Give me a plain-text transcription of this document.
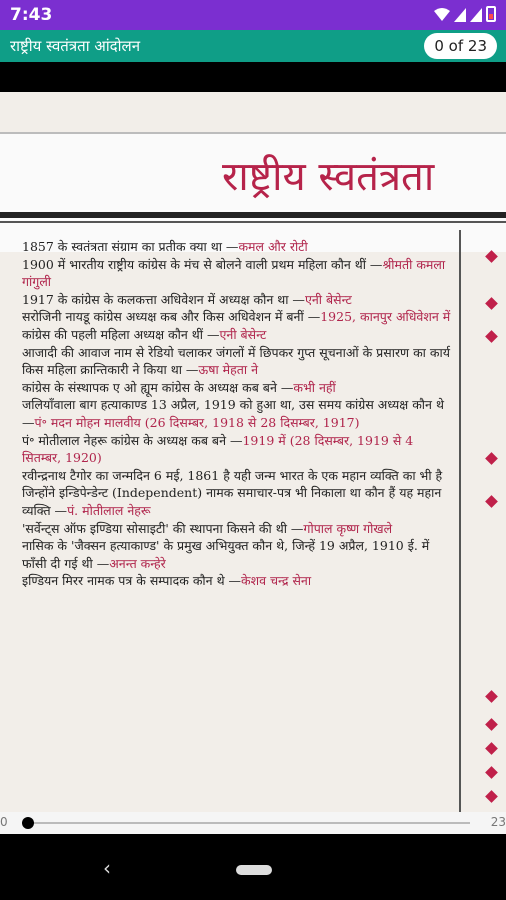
7:43
राष्ट्रीय स्वतंत्रता आंदोलन	0 of 23
राष्ट्रीय स्वतंत्रता

1857 के स्वतंत्रता संग्राम का प्रतीक क्या था —कमल और रोटी

1900 में भारतीय राष्ट्रीय कांग्रेस के मंच से बोलने वाली प्रथम महिला कौन थीं —श्रीमती कमला गांगुली

1917 के कांग्रेस के कलकत्ता अधिवेशन में अध्यक्ष कौन था —एनी बेसेन्ट

सरोजिनी नायडू कांग्रेस अध्यक्ष कब और किस अधिवेशन में बनीं —1925, कानपुर अधिवेशन में

कांग्रेस की पहली महिला अध्यक्ष कौन थीं —एनी बेसेन्ट

आजादी की आवाज नाम से रेडियो चलाकर जंगलों में छिपकर गुप्त सूचनाओं के प्रसारण का कार्य किस महिला क्रान्तिकारी ने किया था —ऊषा मेहता ने

कांग्रेस के संस्थापक ए ओ ह्यूम कांग्रेस के अध्यक्ष कब बने —कभी नहीं

जलियाँवाला बाग हत्याकाण्ड 13 अप्रैल, 1919 को हुआ था, उस समय कांग्रेस अध्यक्ष कौन थे —पं॰ मदन मोहन मालवीय (26 दिसम्बर, 1918 से 28 दिसम्बर, 1917)

पं॰ मोतीलाल नेहरू कांग्रेस के अध्यक्ष कब बने —1919 में (28 दिसम्बर, 1919 से 4 सितम्बर, 1920)

रवीन्द्रनाथ टैगोर का जन्मदिन 6 मई, 1861 है यही जन्म भारत के एक महान व्यक्ति का भी है जिन्होंने इन्डिपेन्डेन्ट (Independent) नामक समाचार-पत्र भी निकाला था कौन हैं यह महान व्यक्ति —पं. मोतीलाल नेहरू

'सर्वेन्ट्स ऑफ इण्डिया सोसाइटी' की स्थापना किसने की थी —गोपाल कृष्ण गोखले

नासिक के 'जैक्सन हत्याकाण्ड' के प्रमुख अभियुक्त कौन थे, जिन्हें 19 अप्रैल, 1910 ई. में फाँसी दी गई थी —अनन्त कन्हेरे

इण्डियन मिरर नामक पत्र के सम्पादक कौन थे —केशव चन्द्र सेना

0	23
‹
